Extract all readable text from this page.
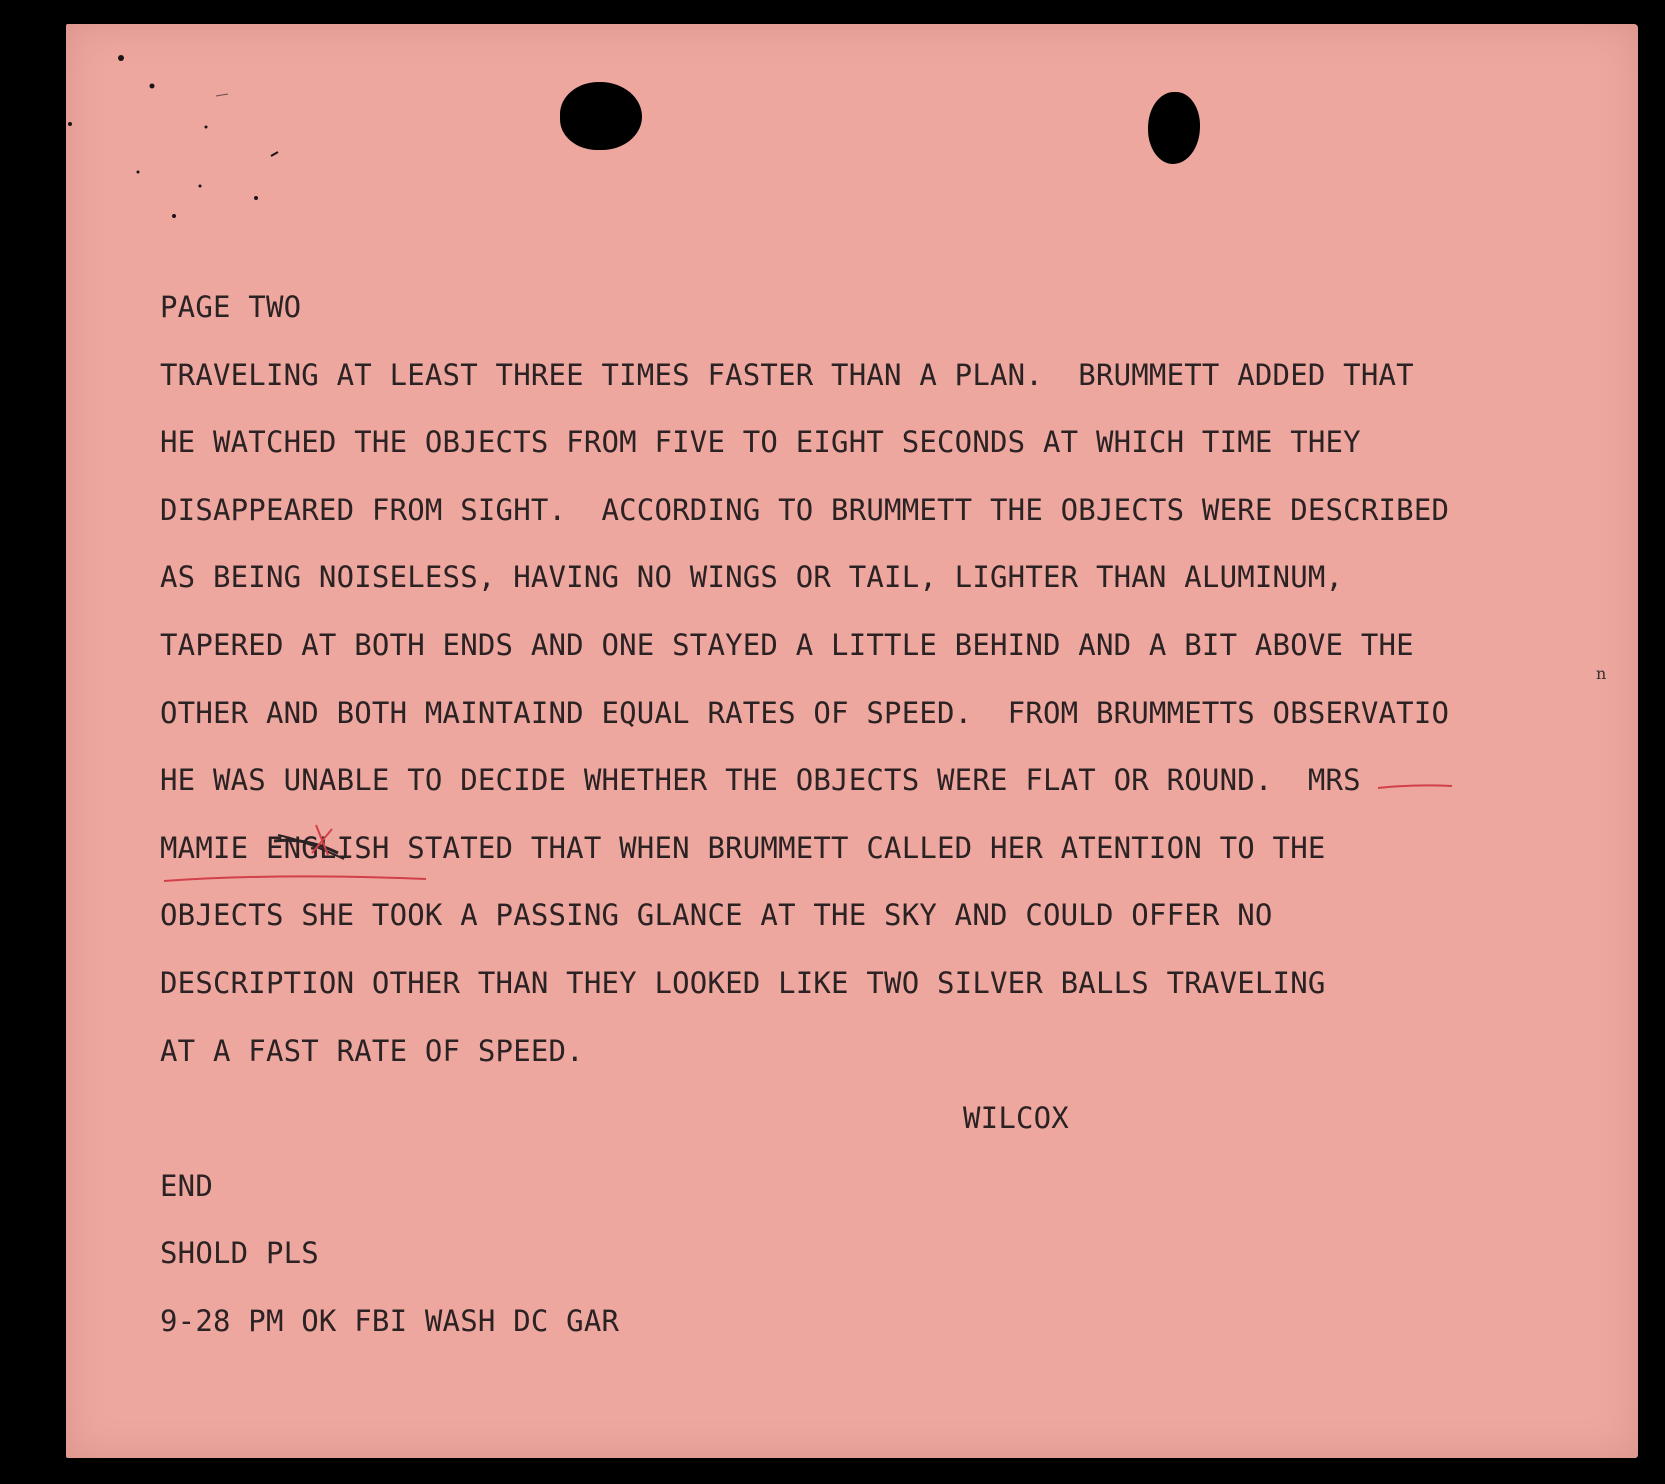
PAGE TWO
TRAVELING AT LEAST THREE TIMES FASTER THAN A PLAN.  BRUMMETT ADDED THAT
HE WATCHED THE OBJECTS FROM FIVE TO EIGHT SECONDS AT WHICH TIME THEY
DISAPPEARED FROM SIGHT.  ACCORDING TO BRUMMETT THE OBJECTS WERE DESCRIBED
AS BEING NOISELESS, HAVING NO WINGS OR TAIL, LIGHTER THAN ALUMINUM,
TAPERED AT BOTH ENDS AND ONE STAYED A LITTLE BEHIND AND A BIT ABOVE THE
OTHER AND BOTH MAINTAIND EQUAL RATES OF SPEED.  FROM BRUMMETTS OBSERVATIO
HE WAS UNABLE TO DECIDE WHETHER THE OBJECTS WERE FLAT OR ROUND.  MRS
MAMIE ENGLISH STATED THAT WHEN BRUMMETT CALLED HER ATENTION TO THE
OBJECTS SHE TOOK A PASSING GLANCE AT THE SKY AND COULD OFFER NO
DESCRIPTION OTHER THAN THEY LOOKED LIKE TWO SILVER BALLS TRAVELING
AT A FAST RATE OF SPEED.
WILCOX
END
SHOLD PLS
9-28 PM OK FBI WASH DC GAR
n
